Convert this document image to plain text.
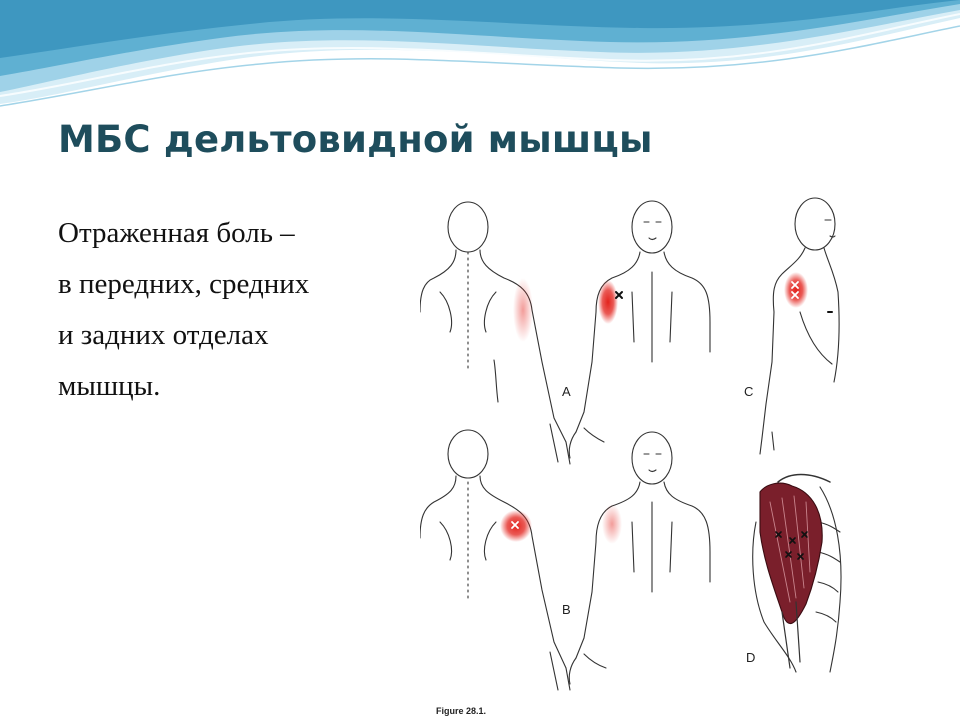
МБС дельтовидной мышцы
Отраженная боль –
в передних, средних
и задних отделах
мышцы.	A	C
B
D
Figure 28.1.
